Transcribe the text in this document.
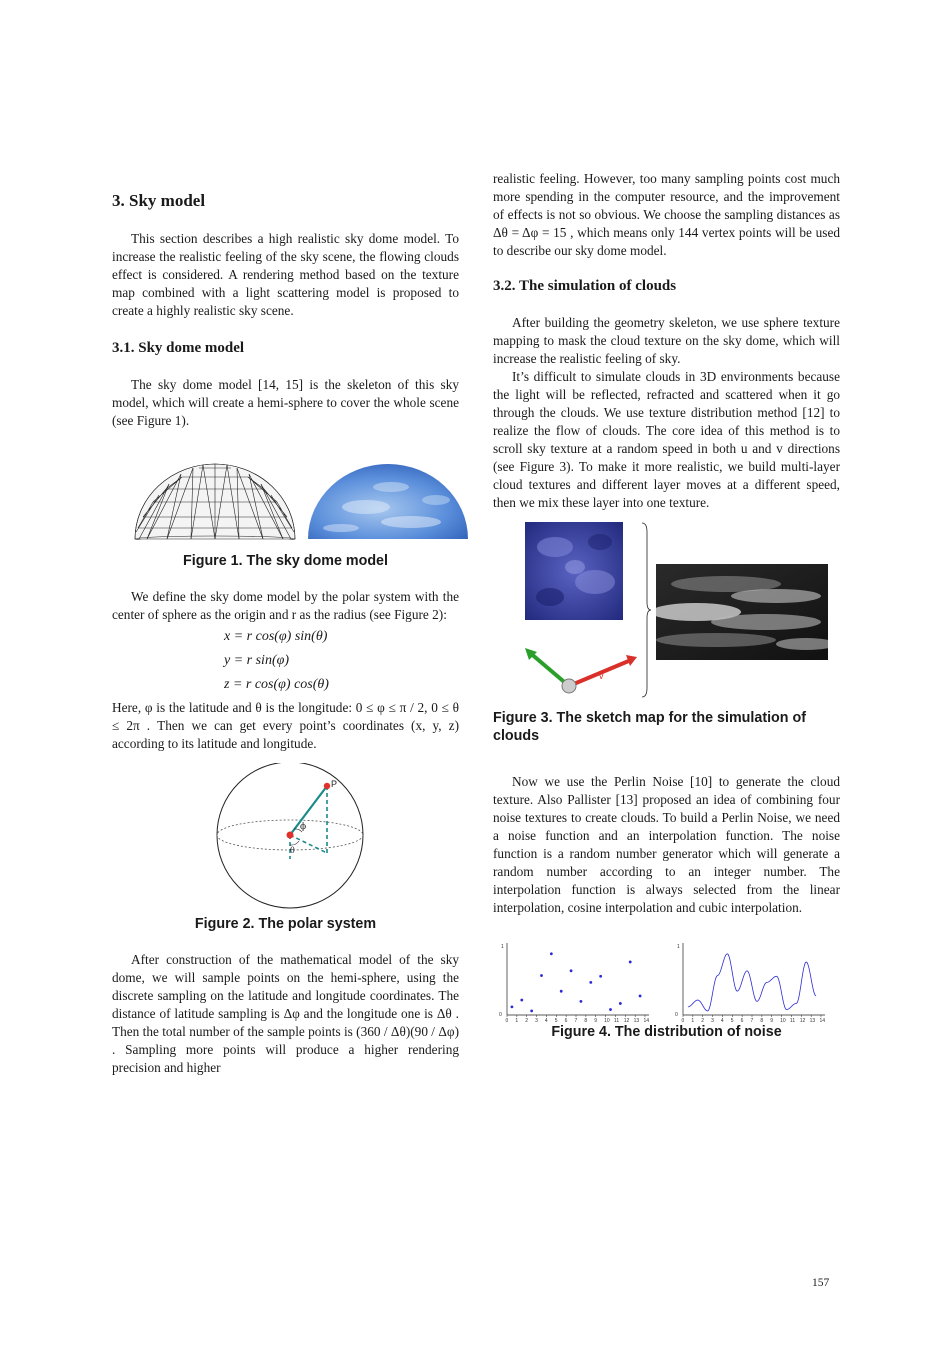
3. Sky model

This section describes a high realistic sky dome model. To increase the realistic feeling of the sky scene, the flowing clouds effect is considered. A rendering method based on the texture map combined with a light scattering model is proposed to create a highly realistic sky scene.

3.1. Sky dome model

The sky dome model [14, 15] is the skeleton of this sky model, which will create a hemi-sphere to cover the whole scene (see Figure 1).

Figure 1. The sky dome model

We define the sky dome model by the polar system with the center of sphere as the origin and r as the radius (see Figure 2):

x = r cos(φ) sin(θ)
y = r sin(φ)
z = r cos(φ) cos(θ)

Here, φ is the latitude and θ is the longitude: 0 ≤ φ ≤ π / 2, 0 ≤ θ ≤ 2π . Then we can get every point’s coordinates (x, y, z) according to its latitude and longitude.

P
ϕ
θ
Figure 2. The polar system

After construction of the mathematical model of the sky dome, we will sample points on the hemi-sphere, using the discrete sampling on the latitude and longitude coordinates. The distance of latitude sampling is Δφ and the longitude one is Δθ . Then the total number of the sample points is (360 / Δθ)(90 / Δφ) . Sampling more points will produce a higher rendering precision and higher

realistic feeling. However, too many sampling points cost much more spending in the computer resource, and the improvement of effects is not so obvious. We choose the sampling distances as Δθ = Δφ = 15 , which means only 144 vertex points will be used to describe our sky dome model.

3.2. The simulation of clouds

After building the geometry skeleton, we use sphere texture mapping to mask the cloud texture on the sky dome, which will increase the realistic feeling of sky.

It’s difficult to simulate clouds in 3D environments because the light will be reflected, refracted and scattered when it go through the clouds. We use texture distribution method [12] to realize the flow of clouds. The core idea of this method is to scroll sky texture at a random speed in both u and v directions (see Figure 3). To make it more realistic, we build multi-layer cloud textures and different layer moves at a different speed, then we mix these layer into one texture.

u
v
Figure 3. The sketch map for the simulation of clouds

Now we use the Perlin Noise [10] to generate the cloud texture. Also Pallister [13] proposed an idea of combining four noise textures to create clouds. To build a Perlin Noise, we need a noise function and an interpolation function. The noise function is a random number generator which will generate a random number according to an integer number. The interpolation function is always selected from the linear interpolation, cosine interpolation and cubic interpolation.

1
0
0 1 2 3 4 5 6 7 8 9 10 11 12 13 14
1
0
0 1 2 3 4 5 6 7 8 9 10 11 12 13 14
Figure 4. The distribution of noise
157
